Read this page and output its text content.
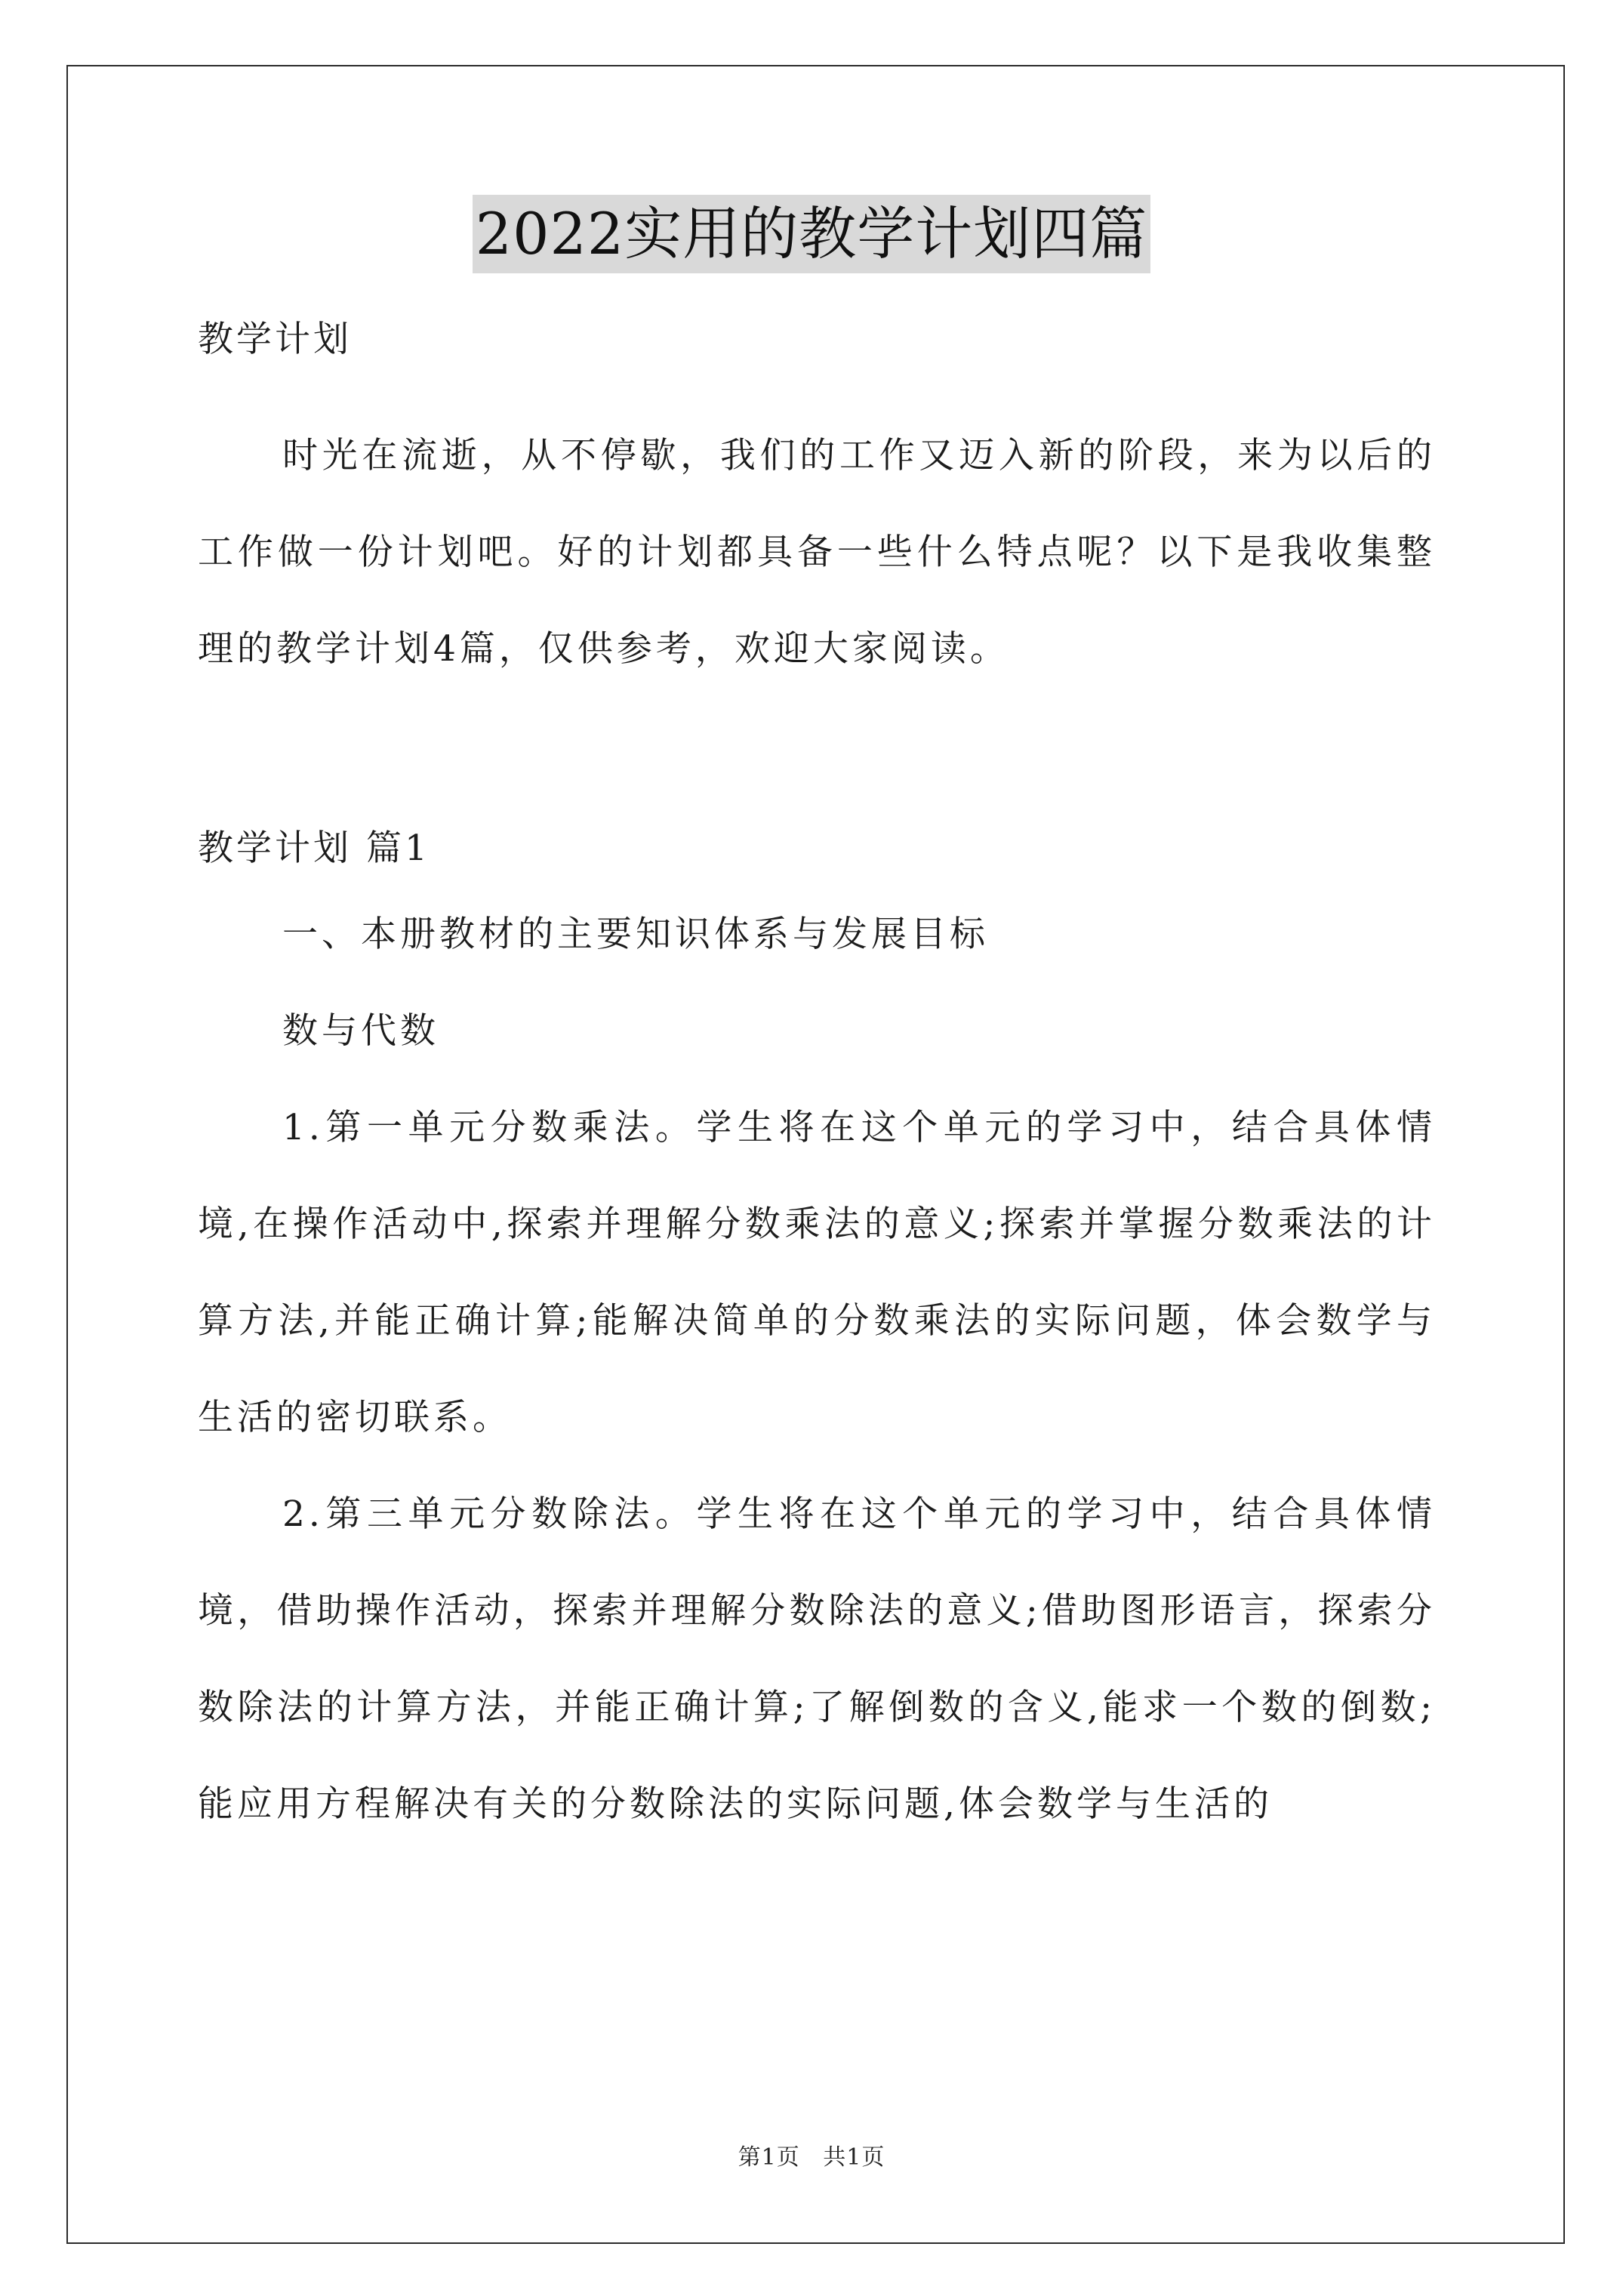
2022实用的教学计划四篇

教学计划

时光在流逝，从不停歇，我们的工作又迈入新的阶段，来为以后的工作做一份计划吧。好的计划都具备一些什么特点呢？以下是我收集整理的教学计划4篇，仅供参考，欢迎大家阅读。

教学计划 篇1

一、本册教材的主要知识体系与发展目标

数与代数

1.第一单元分数乘法。学生将在这个单元的学习中，结合具体情境,在操作活动中,探索并理解分数乘法的意义;探索并掌握分数乘法的计算方法,并能正确计算;能解决简单的分数乘法的实际问题，体会数学与生活的密切联系。

2.第三单元分数除法。学生将在这个单元的学习中，结合具体情境，借助操作活动，探索并理解分数除法的意义;借助图形语言，探索分数除法的计算方法，并能正确计算;了解倒数的含义,能求一个数的倒数;能应用方程解决有关的分数除法的实际问题,体会数学与生活的

第1页 共1页
